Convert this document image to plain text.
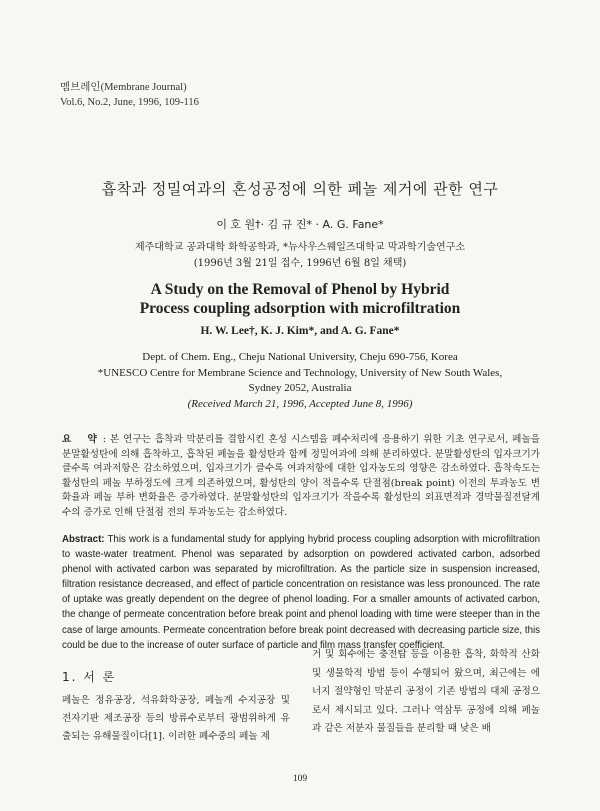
멤브레인(Membrane Journal)
Vol.6, No.2, June, 1996, 109-116
흡착과 정밀여과의 혼성공정에 의한 페놀 제거에 관한 연구
이 호 원†· 김 규 진* · A. G. Fane*
제주대학교 공과대학 화학공학과, *뉴사우스웨일즈대학교 막과학기술연구소
(1996년 3월 21일 접수, 1996년 6월 8일 채택)
A Study on the Removal of Phenol by Hybrid
Process coupling adsorption with microfiltration
H. W. Lee†, K. J. Kim*, and A. G. Fane*
Dept. of Chem. Eng., Cheju National University, Cheju 690-756, Korea
*UNESCO Centre for Membrane Science and Technology, University of New South Wales,
Sydney 2052, Australia
(Received March 21, 1996, Accepted June 8, 1996)

요 약: 본 연구는 흡착과 막분리를 결합시킨 혼성 시스템을 폐수처리에 응용하기 위한 기초 연구로서, 페놀을 분말활성탄에 의해 흡착하고, 흡착된 페놀을 활성탄과 함께 정밀여과에 의해 분리하였다. 분말활성탄의 입자크기가 클수록 여과저항은 감소하였으며, 입자크기가 클수록 여과저항에 대한 입자농도의 영향은 감소하였다. 흡착속도는 활성탄의 페놀 부하정도에 크게 의존하였으며, 활성탄의 양이 적을수록 단절점(break point) 이전의 투과농도 변화율과 페놀 부하 변화율은 증가하였다. 분말활성탄의 입자크기가 작을수록 활성탄의 외표면적과 경막물질전달계수의 증가로 인해 단절점 전의 투과농도는 감소하였다.

Abstract: This work is a fundamental study for applying hybrid process coupling adsorption with microfiltration to waste-water treatment. Phenol was separated by adsorption on powdered activated carbon, adsorbed phenol with activated carbon was separated by microfiltration. As the particle size in suspension increased, filtration resistance decreased, and effect of particle concentration on resistance was less pronounced. The rate of uptake was greatly dependent on the degree of phenol loading. For a smaller amounts of activated carbon, the change of permeate concentration before break point and phenol loading with time were steeper than in the case of large amounts. Permeate concentration before break point decreased with decreasing particle size, this could be due to the increase of outer surface of particle and film mass transfer coefficient.

1. 서 론

페놀은 정유공장, 석유화학공장, 페놀계 수지공장 및 전자기판 제조공장 등의 방류수로부터 광범위하게 유출되는 유해물질이다[1]. 이러한 폐수중의 페놀 제

거 및 회수에는 충전탑 등을 이용한 흡착, 화학적 산화 및 생물학적 방법 등이 수행되어 왔으며, 최근에는 에너지 절약형인 막분리 공정이 기존 방법의 대체 공정으로서 제시되고 있다. 그러나 역삼투 공정에 의해 페놀과 같은 저분자 물질들을 분리할 때 낮은 배

109
